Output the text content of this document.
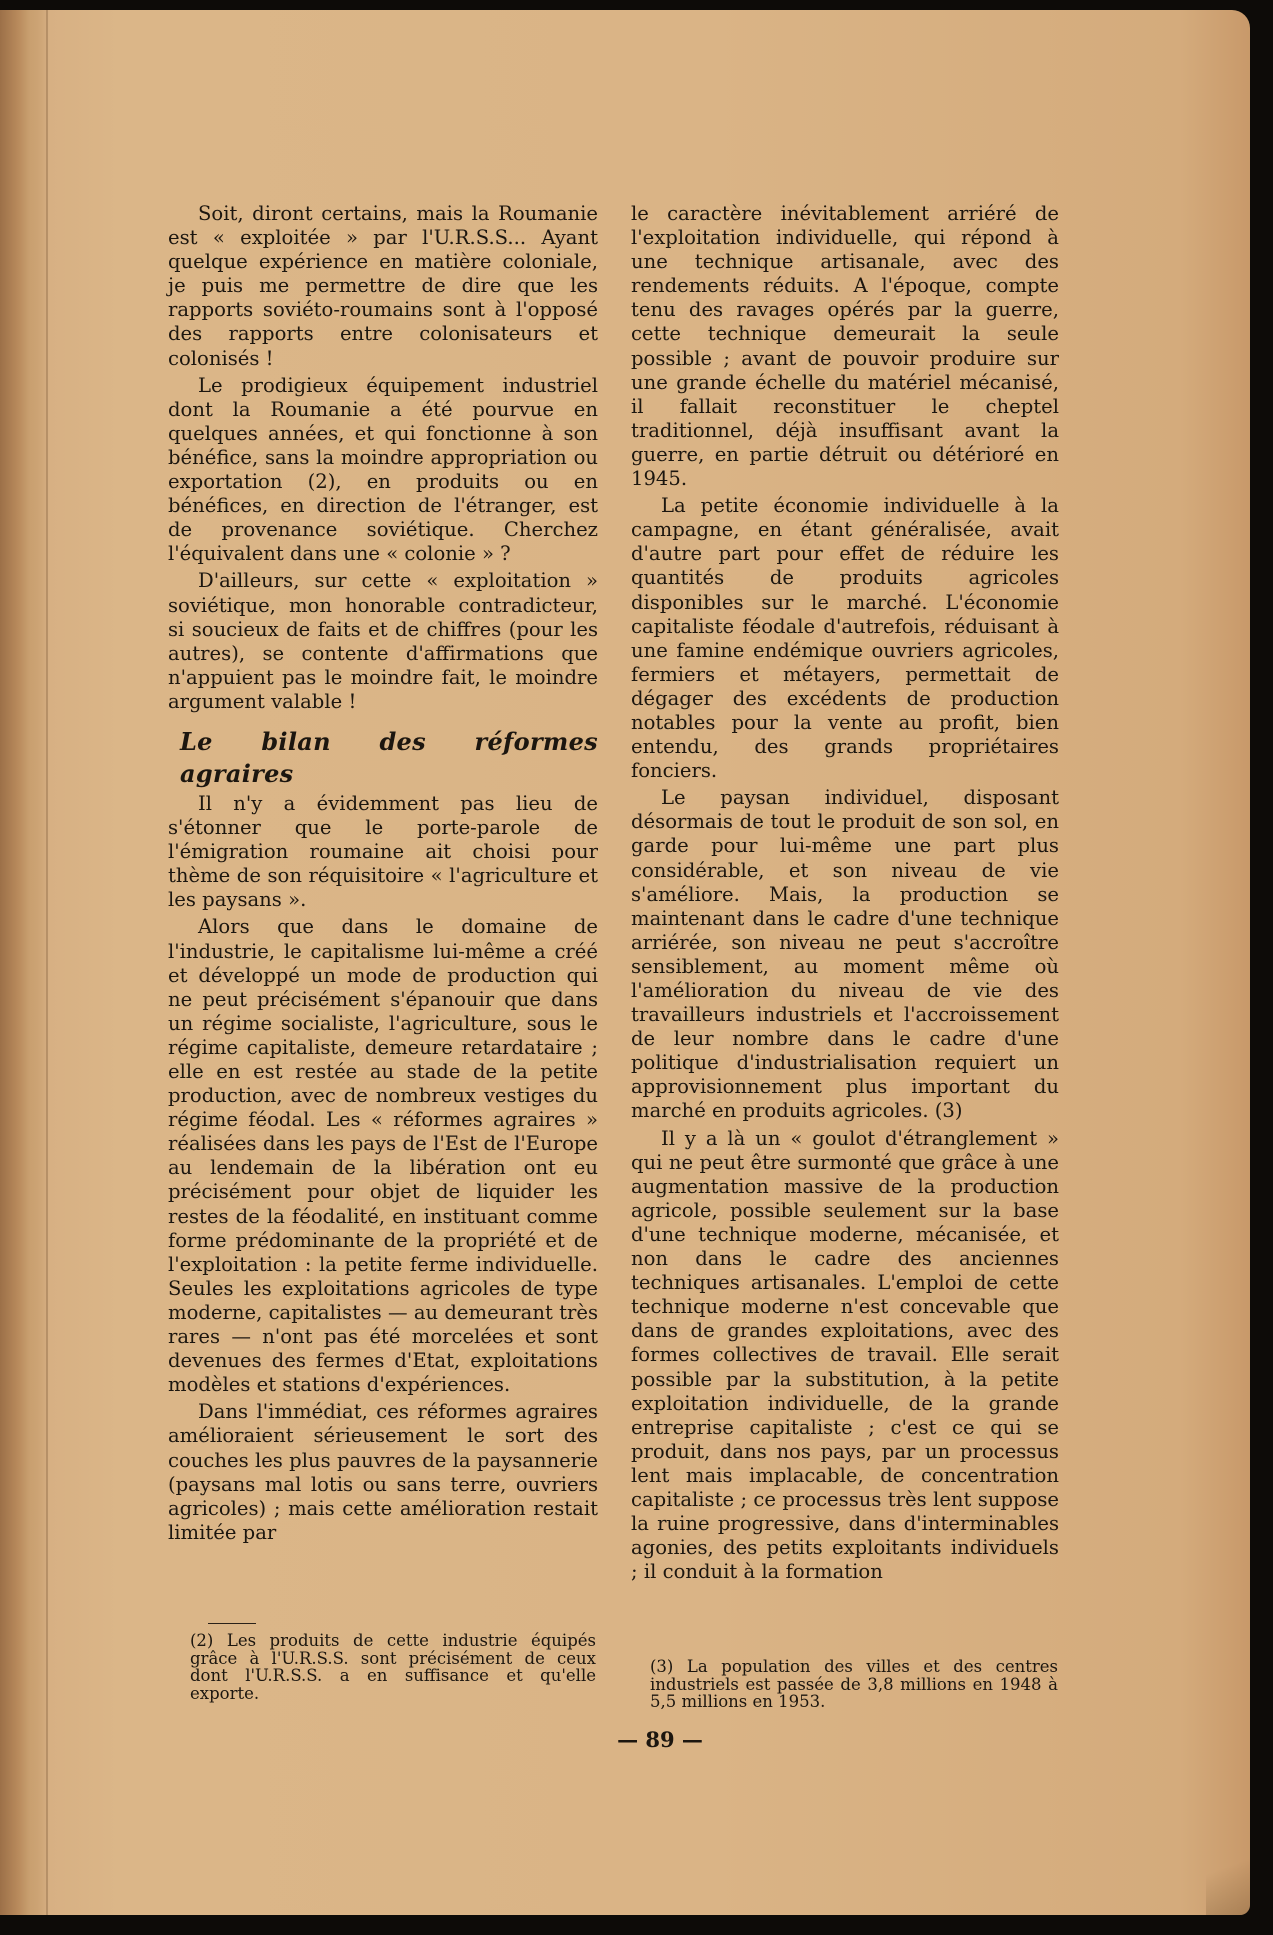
Soit, diront certains, mais la Roumanie est « exploitée » par l'U.R.S.S... Ayant quelque expérience en matière coloniale, je puis me permettre de dire que les rapports soviéto-roumains sont à l'opposé des rapports entre colonisateurs et colonisés !

Le prodigieux équipement industriel dont la Roumanie a été pourvue en quelques années, et qui fonctionne à son bénéfice, sans la moindre appropriation ou exportation (2), en produits ou en bénéfices, en direction de l'étranger, est de provenance soviétique. Cherchez l'équivalent dans une « colonie » ?

D'ailleurs, sur cette « exploitation » soviétique, mon honorable contradicteur, si soucieux de faits et de chiffres (pour les autres), se contente d'affirmations que n'appuient pas le moindre fait, le moindre argument valable !

Le bilan des réformes agraires

Il n'y a évidemment pas lieu de s'étonner que le porte-parole de l'émigration roumaine ait choisi pour thème de son réquisitoire « l'agriculture et les paysans ».

Alors que dans le domaine de l'industrie, le capitalisme lui-même a créé et développé un mode de production qui ne peut précisément s'épanouir que dans un régime socialiste, l'agriculture, sous le régime capitaliste, demeure retardataire ; elle en est restée au stade de la petite production, avec de nombreux vestiges du régime féodal. Les « réformes agraires » réalisées dans les pays de l'Est de l'Europe au lendemain de la libération ont eu précisément pour objet de liquider les restes de la féodalité, en instituant comme forme prédominante de la propriété et de l'exploitation : la petite ferme individuelle. Seules les exploitations agricoles de type moderne, capitalistes — au demeurant très rares — n'ont pas été morcelées et sont devenues des fermes d'Etat, exploitations modèles et stations d'expériences.

Dans l'immédiat, ces réformes agraires amélioraient sérieusement le sort des couches les plus pauvres de la paysannerie (paysans mal lotis ou sans terre, ouvriers agricoles) ; mais cette amélioration restait limitée par

le caractère inévitablement arriéré de l'exploitation individuelle, qui répond à une technique artisanale, avec des rendements réduits. A l'époque, compte tenu des ravages opérés par la guerre, cette technique demeurait la seule possible ; avant de pouvoir produire sur une grande échelle du matériel mécanisé, il fallait reconstituer le cheptel traditionnel, déjà insuffisant avant la guerre, en partie détruit ou détérioré en 1945.

La petite économie individuelle à la campagne, en étant généralisée, avait d'autre part pour effet de réduire les quantités de produits agricoles disponibles sur le marché. L'économie capitaliste féodale d'autrefois, réduisant à une famine endémique ouvriers agricoles, fermiers et métayers, permettait de dégager des excédents de production notables pour la vente au profit, bien entendu, des grands propriétaires fonciers.

Le paysan individuel, disposant désormais de tout le produit de son sol, en garde pour lui-même une part plus considérable, et son niveau de vie s'améliore. Mais, la production se maintenant dans le cadre d'une technique arriérée, son niveau ne peut s'accroître sensiblement, au moment même où l'amélioration du niveau de vie des travailleurs industriels et l'accroissement de leur nombre dans le cadre d'une politique d'industrialisation requiert un approvisionnement plus important du marché en produits agricoles. (3)

Il y a là un « goulot d'étranglement » qui ne peut être surmonté que grâce à une augmentation massive de la production agricole, possible seulement sur la base d'une technique moderne, mécanisée, et non dans le cadre des anciennes techniques artisanales. L'emploi de cette technique moderne n'est concevable que dans de grandes exploitations, avec des formes collectives de travail. Elle serait possible par la substitution, à la petite exploitation individuelle, de la grande entreprise capitaliste ; c'est ce qui se produit, dans nos pays, par un processus lent mais implacable, de concentration capitaliste ; ce processus très lent suppose la ruine progressive, dans d'interminables agonies, des petits exploitants individuels ; il conduit à la formation

(2) Les produits de cette industrie équipés grâce à l'U.R.S.S. sont précisément de ceux dont l'U.R.S.S. a en suffisance et qu'elle exporte.
(3) La population des villes et des centres industriels est passée de 3,8 millions en 1948 à 5,5 millions en 1953.
— 89 —
